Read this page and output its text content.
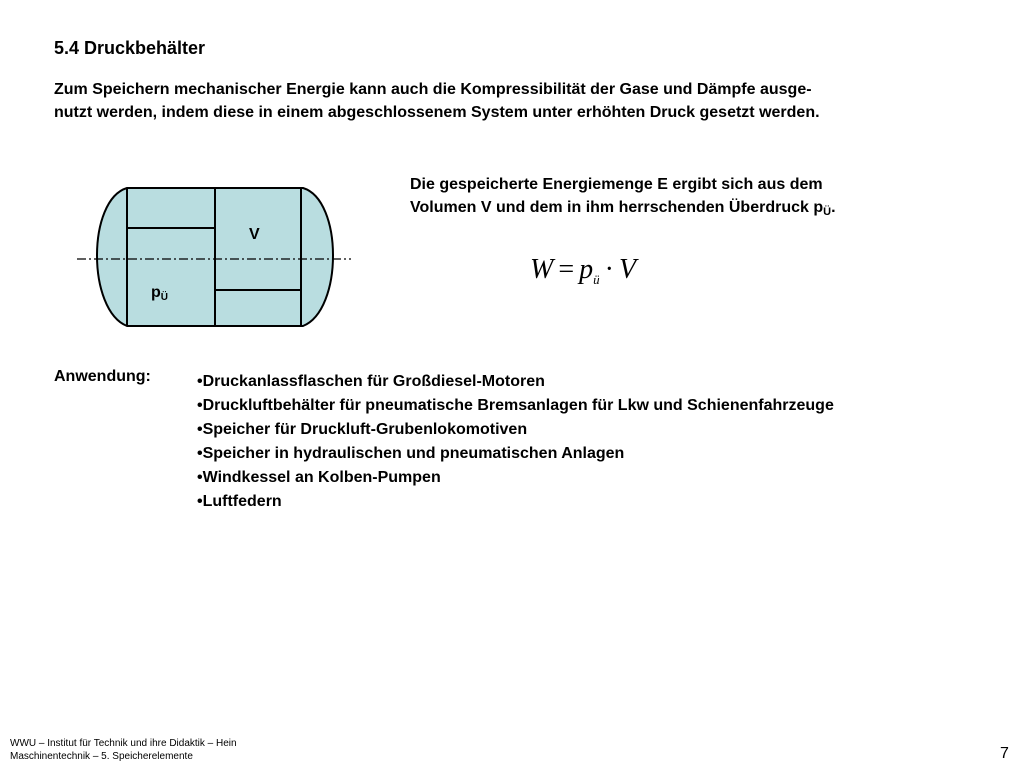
5.4 Druckbehälter
Zum Speichern mechanischer Energie kann auch die Kompressibilität der Gase und Dämpfe ausge-
nutzt werden, indem diese in einem abgeschlossenem System unter erhöhten Druck gesetzt werden.
V
pÜ
Die gespeicherte Energiemenge E ergibt sich aus dem
Volumen V und dem in ihm herrschenden Überdruck $p_Ü$.
$W = p_ü \cdot V$
Anwendung:	•Druckanlassflaschen für Großdiesel-Motoren
•Druckluftbehälter für pneumatische Bremsanlagen für Lkw und Schienenfahrzeuge
•Speicher für Druckluft-Grubenlokomotiven
•Speicher in hydraulischen und pneumatischen Anlagen
•Windkessel an Kolben-Pumpen
•Luftfedern
WWU – Institut für Technik und ihre Didaktik – Hein
Maschinentechnik – 5. Speicherelemente	7
